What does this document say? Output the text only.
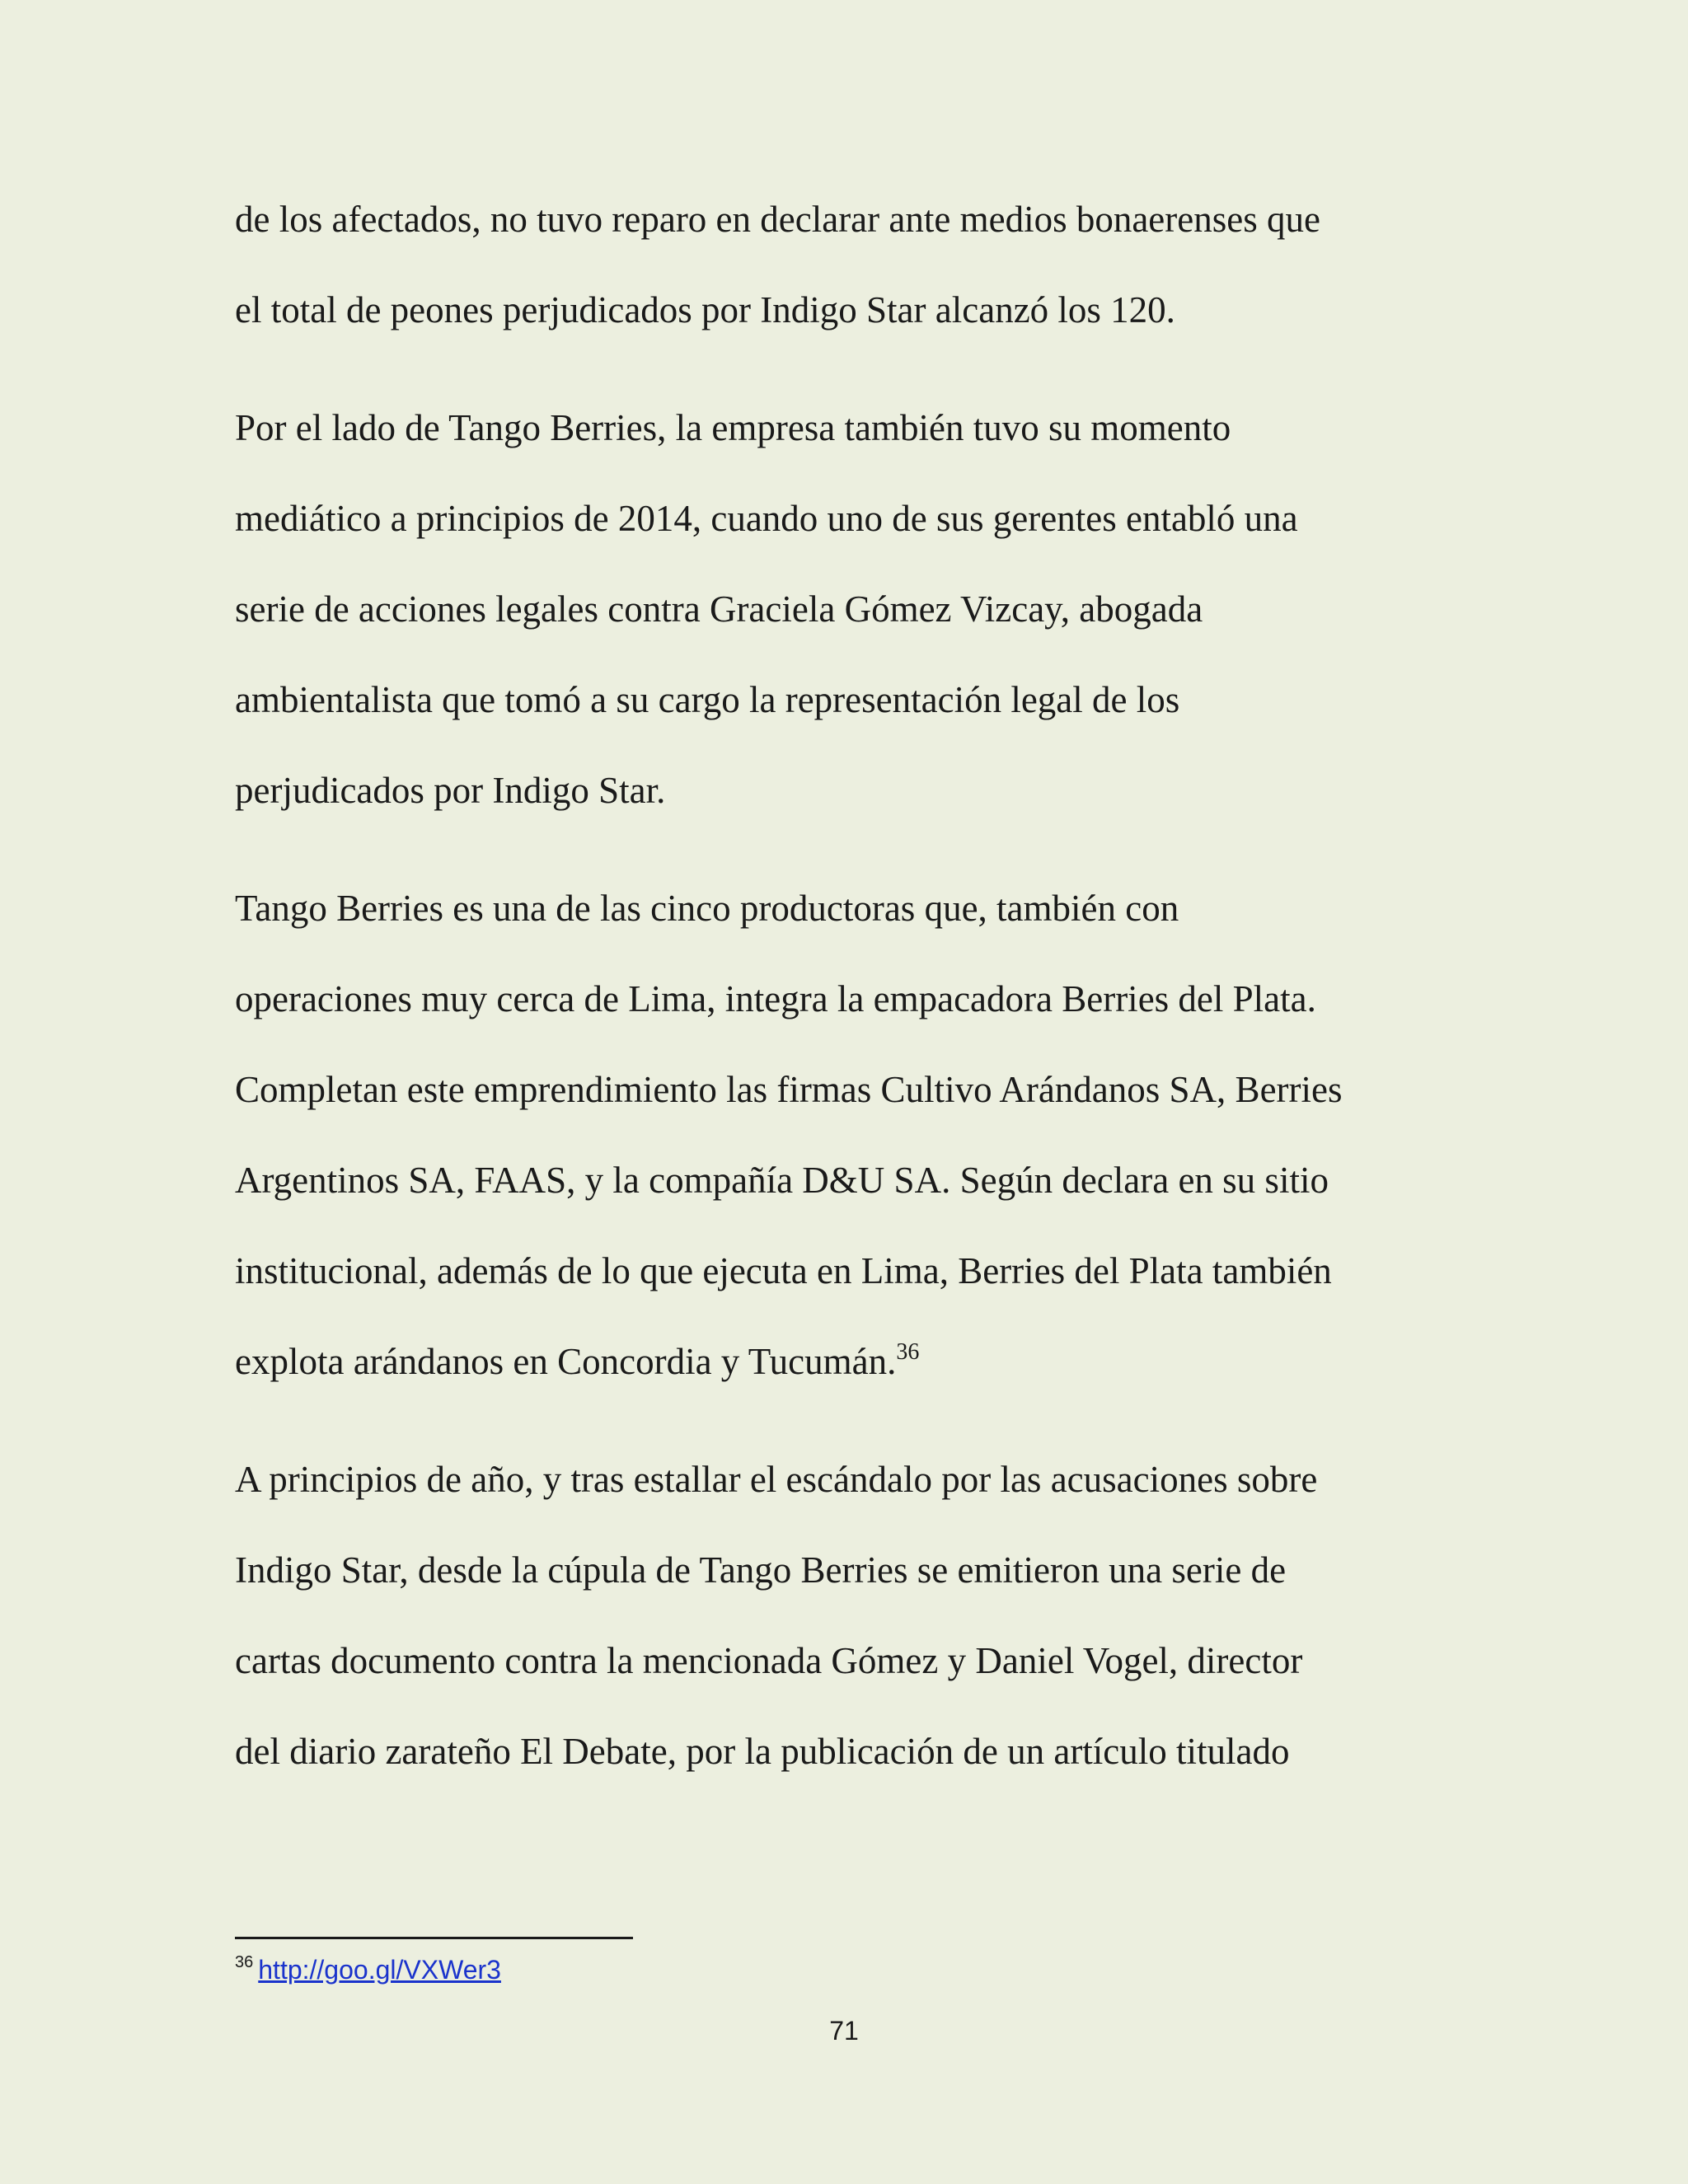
de los afectados, no tuvo reparo en declarar ante medios bonaerenses que
el total de peones perjudicados por Indigo Star alcanzó los 120.
Por el lado de Tango Berries, la empresa también tuvo su momento
mediático a principios de 2014, cuando uno de sus gerentes entabló una
serie de acciones legales contra Graciela Gómez Vizcay, abogada
ambientalista que tomó a su cargo la representación legal de los
perjudicados por Indigo Star.
Tango Berries es una de las cinco productoras que, también con
operaciones muy cerca de Lima, integra la empacadora Berries del Plata.
Completan este emprendimiento las firmas Cultivo Arándanos SA, Berries
Argentinos SA, FAAS, y la compañía D&U SA. Según declara en su sitio
institucional, además de lo que ejecuta en Lima, Berries del Plata también
explota arándanos en Concordia y Tucumán.$^{36}$
A principios de año, y tras estallar el escándalo por las acusaciones sobre
Indigo Star, desde la cúpula de Tango Berries se emitieron una serie de
cartas documento contra la mencionada Gómez y Daniel Vogel, director
del diario zarateño El Debate, por la publicación de un artículo titulado
$^{36}$ http://goo.gl/VXWer3
71
